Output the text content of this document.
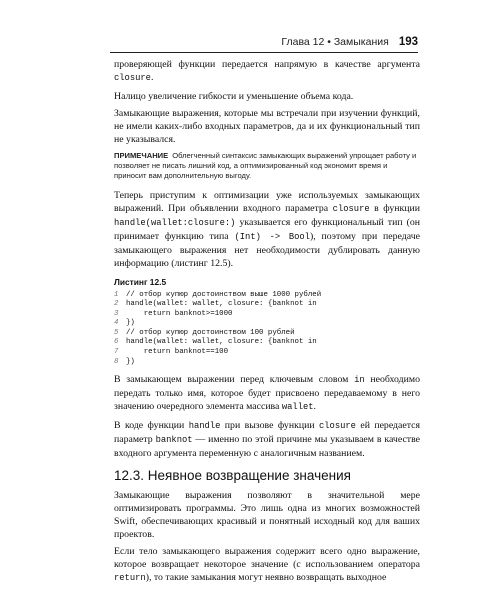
Глава 12 • Замыкания 193

проверяющей функции передается напрямую в качестве аргумента closure.

Налицо увеличение гибкости и уменьшение объема кода.

Замыкающие выражения, которые мы встречали при изучении функций, не имели каких-либо входных параметров, да и их функциональный тип не указывался.

ПРИМЕЧАНИЕ Облегченный синтаксис замыкающих выражений упрощает работу и позволяет не писать лишний код, а оптимизированный код экономит время и приносит вам дополнительную выгоду.

Теперь приступим к оптимизации уже используемых замыкающих выражений. При объявлении входного параметра closure в функции handle(wallet:closure:) указывается его функциональный тип (он принимает функцию типа (Int) -> Bool), поэтому при передаче замыкающего выражения нет необходимости дублировать данную информацию (листинг 12.5).

Листинг 12.5
1 // отбор купюр достоинством выше 1000 рублей
2 handle(wallet: wallet, closure: {banknot in
3    return banknot>=1000
4 })
5 // отбор купюр достоинством 100 рублей
6 handle(wallet: wallet, closure: {banknot in
7    return banknot==100
8 })

В замыкающем выражении перед ключевым словом in необходимо передать только имя, которое будет присвоено передаваемому в него значению очередного элемента массива wallet.

В коде функции handle при вызове функции closure ей передается параметр banknot — именно по этой причине мы указываем в качестве входного аргумента переменную с аналогичным названием.

12.3. Неявное возвращение значения

Замыкающие выражения позволяют в значительной мере оптимизировать программы. Это лишь одна из многих возможностей Swift, обеспечивающих красивый и понятный исходный код для ваших проектов.

Если тело замыкающего выражения содержит всего одно выражение, которое возвращает некоторое значение (с использованием оператора return), то такие замыкания могут неявно возвращать выходное
